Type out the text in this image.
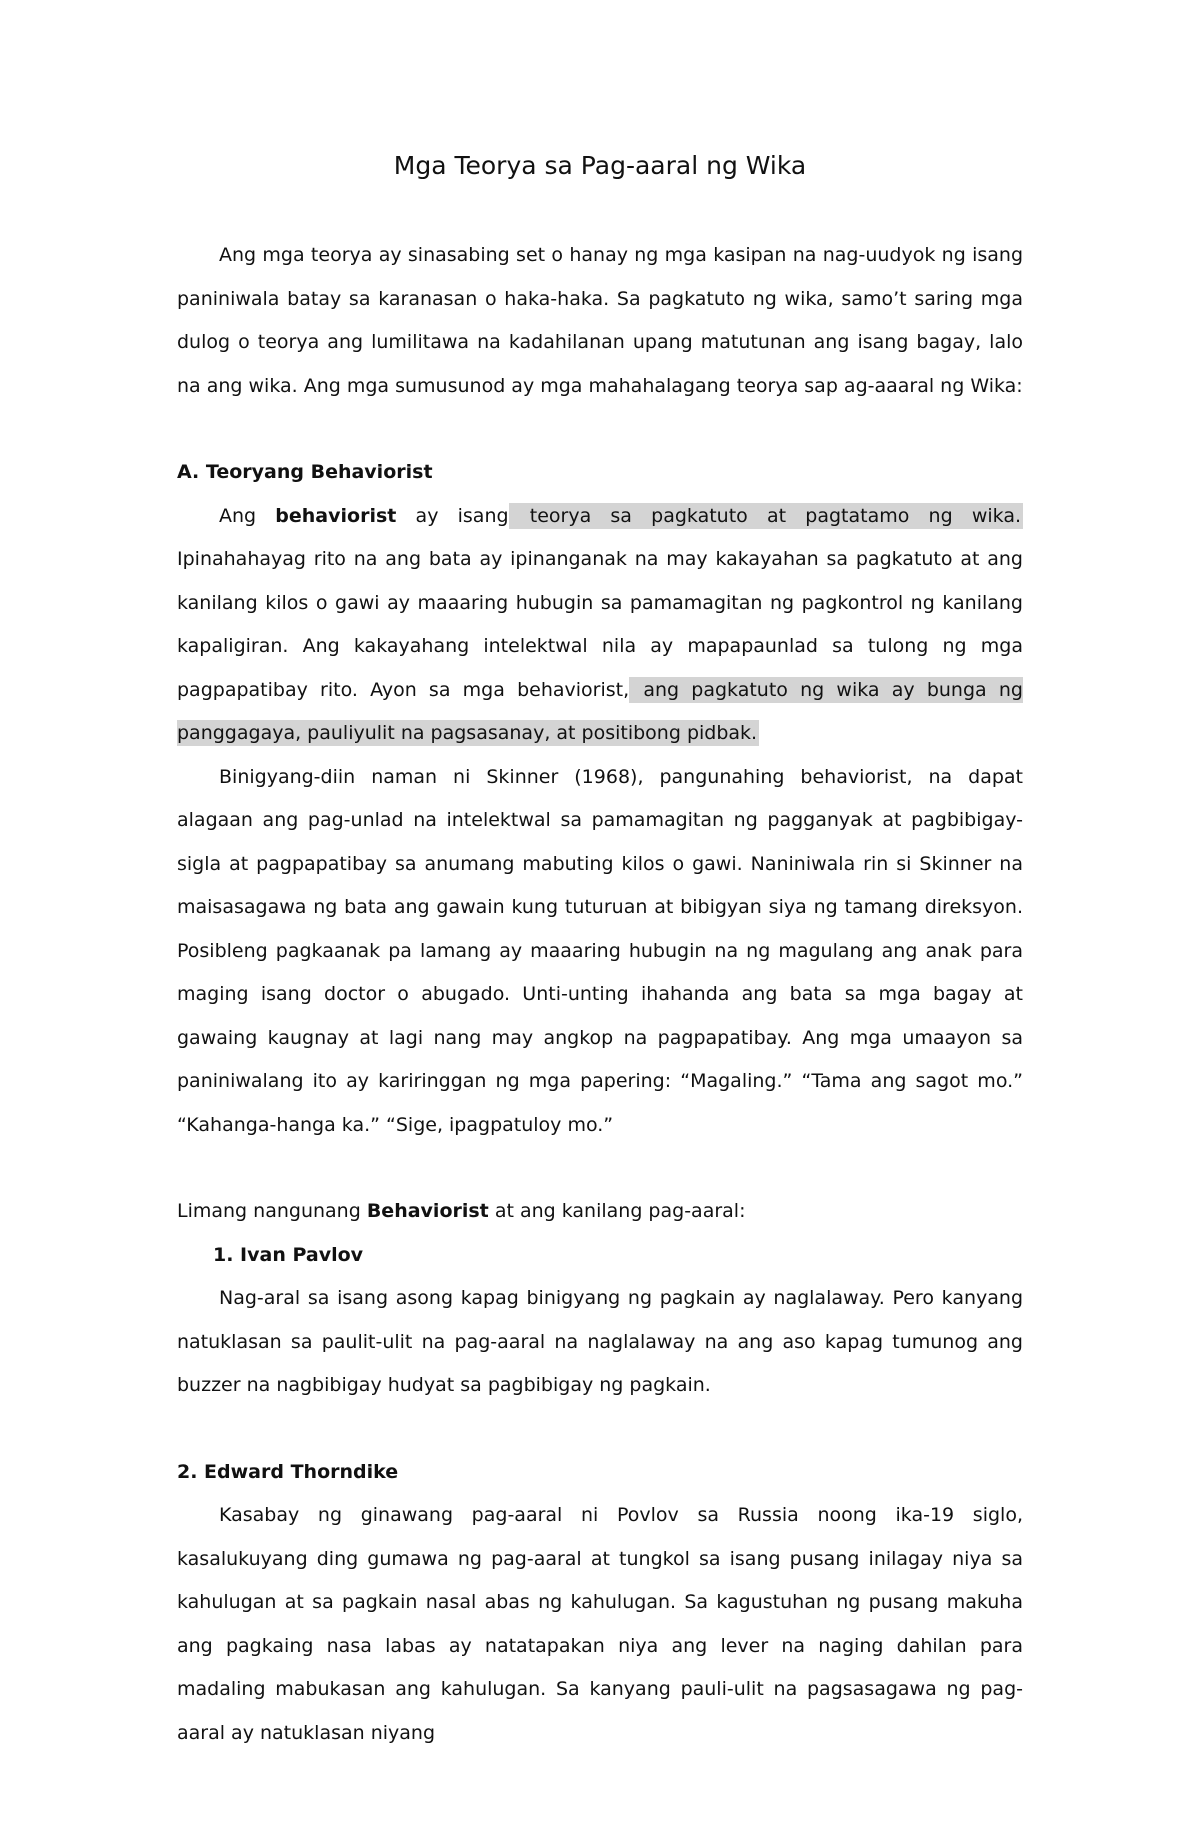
Mga Teorya sa Pag-aaral ng Wika

Ang mga teorya ay sinasabing set o hanay ng mga kasipan na nag-uudyok ng isang paniniwala batay sa karanasan o haka-haka. Sa pagkatuto ng wika, samo’t saring mga dulog o teorya ang lumilitawa na kadahilanan upang matutunan ang isang bagay, lalo na ang wika. Ang mga sumusunod ay mga mahahalagang teorya sap ag-aaaral ng Wika:

A. Teoryang Behaviorist

Ang behaviorist ay isang teorya sa pagkatuto at pagtatamo ng wika. Ipinahahayag rito na ang bata ay ipinanganak na may kakayahan sa pagkatuto at ang kanilang kilos o gawi ay maaaring hubugin sa pamamagitan ng pagkontrol ng kanilang kapaligiran. Ang kakayahang intelektwal nila ay mapapaunlad sa tulong ng mga pagpapatibay rito. Ayon sa mga behaviorist, ang pagkatuto ng wika ay bunga ng panggagaya, pauliyulit na pagsasanay, at positibong pidbak.

Binigyang-diin naman ni Skinner (1968), pangunahing behaviorist, na dapat alagaan ang pag-unlad na intelektwal sa pamamagitan ng pagganyak at pagbibigay-sigla at pagpapatibay sa anumang mabuting kilos o gawi. Naniniwala rin si Skinner na maisasagawa ng bata ang gawain kung tuturuan at bibigyan siya ng tamang direksyon. Posibleng pagkaanak pa lamang ay maaaring hubugin na ng magulang ang anak para maging isang doctor o abugado. Unti-unting ihahanda ang bata sa mga bagay at gawaing kaugnay at lagi nang may angkop na pagpapatibay. Ang mga umaayon sa paniniwalang ito ay kariringgan ng mga papering: “Magaling.” “Tama ang sagot mo.” “Kahanga-hanga ka.” “Sige, ipagpatuloy mo.”

Limang nangunang Behaviorist at ang kanilang pag-aaral:

1. Ivan Pavlov

Nag-aral sa isang asong kapag binigyang ng pagkain ay naglalaway. Pero kanyang natuklasan sa paulit-ulit na pag-aaral na naglalaway na ang aso kapag tumunog ang buzzer na nagbibigay hudyat sa pagbibigay ng pagkain.

2. Edward Thorndike

Kasabay ng ginawang pag-aaral ni Povlov sa Russia noong ika-19 siglo, kasalukuyang ding gumawa ng pag-aaral at tungkol sa isang pusang inilagay niya sa kahulugan at sa pagkain nasal abas ng kahulugan. Sa kagustuhan ng pusang makuha ang pagkaing nasa labas ay natatapakan niya ang lever na naging dahilan para madaling mabukasan ang kahulugan. Sa kanyang pauli-ulit na pagsasagawa ng pag-aaral ay natuklasan niyang
